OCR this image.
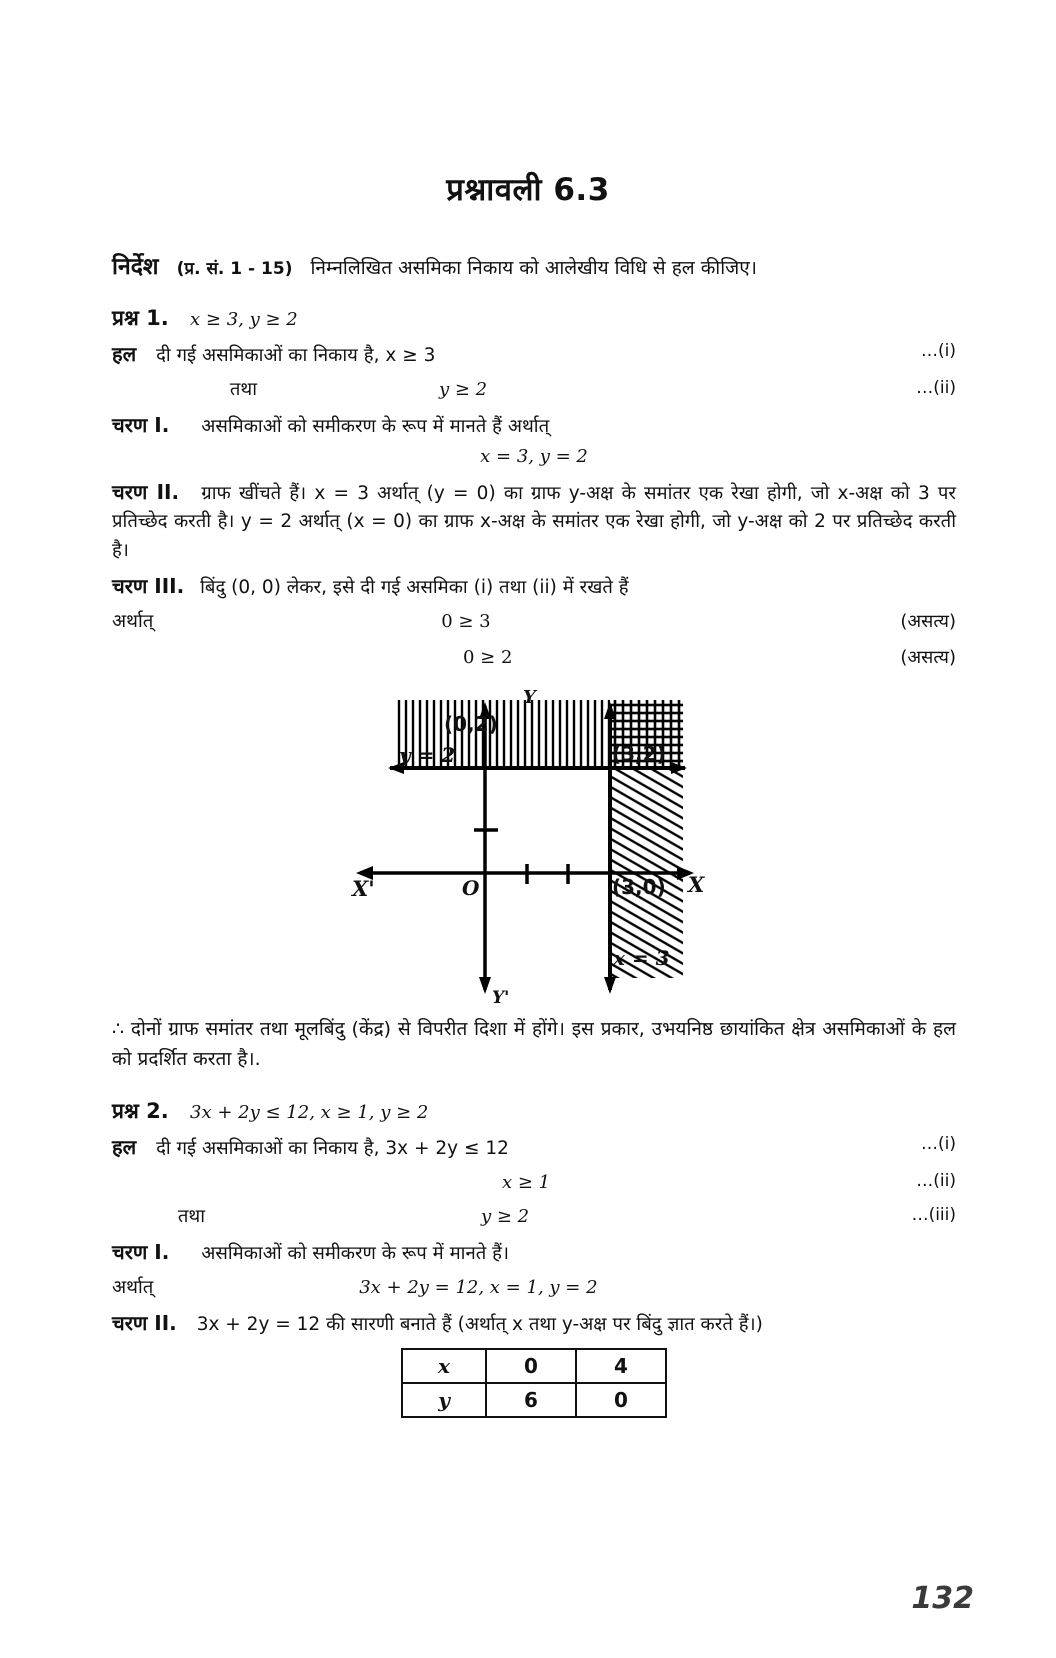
प्रश्नावली 6.3
निर्देश (प्र. सं. 1 - 15) निम्नलिखित असमिका निकाय को आलेखीय विधि से हल कीजिए।
प्रश्न 1. x ≥ 3, y ≥ 2
हल दी गई असमिकाओं का निकाय है, x ≥ 3	…(i)
तथा	y ≥ 2	…(ii)
चरण I. असमिकाओं को समीकरण के रूप में मानते हैं अर्थात्
x = 3, y = 2
चरण II. ग्राफ खींचते हैं। x = 3 अर्थात् (y = 0) का ग्राफ y-अक्ष के समांतर एक रेखा होगी, जो x-अक्ष को 3 पर प्रतिच्छेद करती है। y = 2 अर्थात् (x = 0) का ग्राफ x-अक्ष के समांतर एक रेखा होगी, जो y-अक्ष को 2 पर प्रतिच्छेद करती है।
चरण III. बिंदु (0, 0) लेकर, इसे दी गई असमिका (i) तथा (ii) में रखते हैं
अर्थात्	0 ≥ 3	(असत्य)
0 ≥ 2	(असत्य)
Y
(0,2)
y = 2	(3,2)
X'	O	(3,0) X
x = 3
Y'
∴ दोनों ग्राफ समांतर तथा मूलबिंदु (केंद्र) से विपरीत दिशा में होंगे। इस प्रकार, उभयनिष्ठ छायांकित क्षेत्र असमिकाओं के हल को प्रदर्शित करता है।.
प्रश्न 2. 3x + 2y ≤ 12, x ≥ 1, y ≥ 2
हल दी गई असमिकाओं का निकाय है, 3x + 2y ≤ 12	…(i)
x ≥ 1	…(ii)
तथा	y ≥ 2	…(iii)
चरण I. असमिकाओं को समीकरण के रूप में मानते हैं।
अर्थात्	3x + 2y = 12, x = 1, y = 2
चरण II. 3x + 2y = 12 की सारणी बनाते हैं (अर्थात् x तथा y-अक्ष पर बिंदु ज्ञात करते हैं।)
x	0	4
y	6	0
132
